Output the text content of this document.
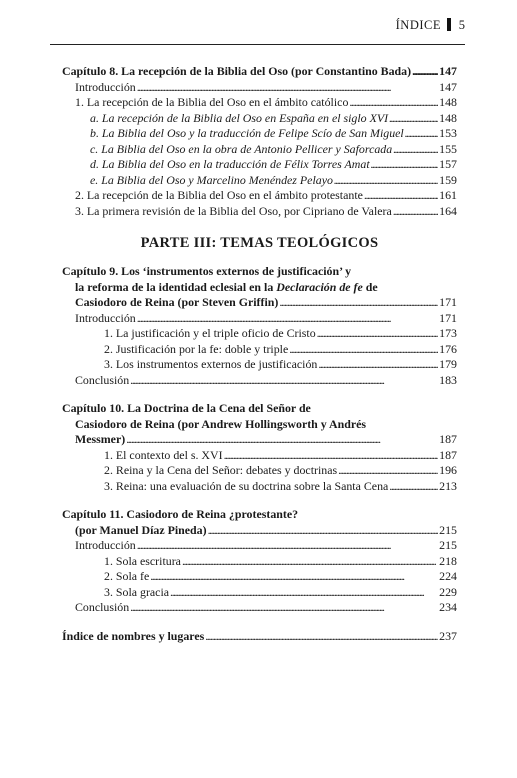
ÍNDICE 5
Capítulo 8. La recepción de la Biblia del Oso (por Constantino Bada) . . . 147
Introducción . . .	147
1. La recepción de la Biblia del Oso en el ámbito católico . . .	148
a. La recepción de la Biblia del Oso en España en el siglo XVI . . .	148
b. La Biblia del Oso y la traducción de Felipe Scío de San Miguel . . .	153
c. La Biblia del Oso en la obra de Antonio Pellicer y Saforcada . . .	155
d. La Biblia del Oso en la traducción de Félix Torres Amat . . .	157
e. La Biblia del Oso y Marcelino Menéndez Pelayo . . .	159
2. La recepción de la Biblia del Oso en el ámbito protestante . . .	161
3. La primera revisión de la Biblia del Oso, por Cipriano de Valera . . .	164
PARTE III: TEMAS TEOLÓGICOS
Capítulo 9. Los ‘instrumentos externos de justificación’ y
la reforma de la identidad eclesial en la Declaración de fe de
Casiodoro de Reina (por Steven Griffin) . . .	171
Introducción . . .	171
1. La justificación y el triple oficio de Cristo . . .	173
2. Justificación por la fe: doble y triple . . .	176
3. Los instrumentos externos de justificación . . .	179
Conclusión . . .	183
Capítulo 10. La Doctrina de la Cena del Señor de
Casiodoro de Reina (por Andrew Hollingsworth y Andrés
Messmer) . . .	187
1. El contexto del s. XVI . . .	187
2. Reina y la Cena del Señor: debates y doctrinas . . .	196
3. Reina: una evaluación de su doctrina sobre la Santa Cena . . .	213
Capítulo 11. Casiodoro de Reina ¿protestante?
(por Manuel Díaz Pineda) . . .	215
Introducción . . .	215
1. Sola escritura . . .	218
2. Sola fe . . .	224
3. Sola gracia . . .	229
Conclusión . . .	234
Índice de nombres y lugares . . .	237
